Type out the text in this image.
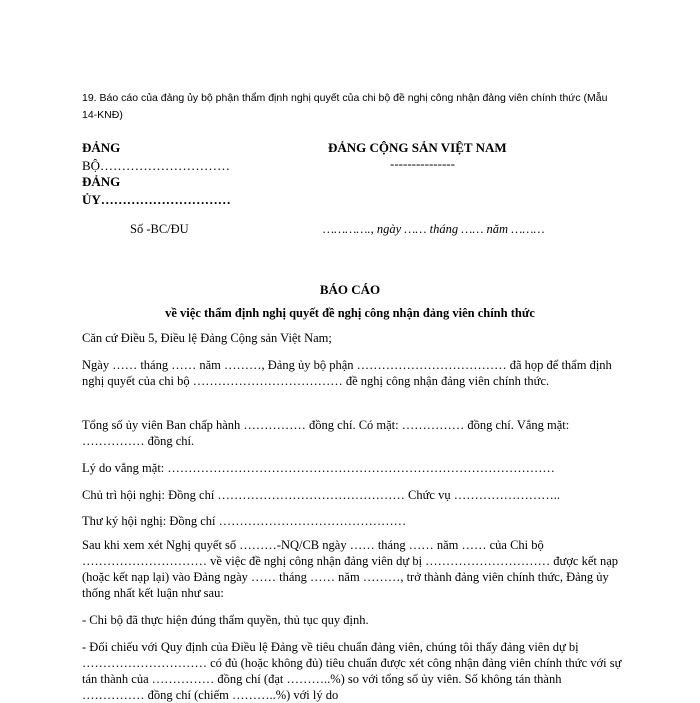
19. Báo cáo của đảng ủy bộ phận thẩm định nghị quyết của chi bộ đề nghị công nhận đảng viên chính thức (Mẫu 14-KNĐ)
ĐẢNG
BỘ…………………………
ĐẢNG
ỦY…………………………
ĐẢNG CỘNG SẢN VIỆT NAM
---------------
Số -BC/ĐU	…………., ngày …… tháng …… năm ………
BÁO CÁO
về việc thẩm định nghị quyết đề nghị công nhận đảng viên chính thức

Căn cứ Điều 5, Điều lệ Đảng Cộng sản Việt Nam;

Ngày …… tháng …… năm ………, Đảng ủy bộ phận ……………………………… đã họp để thẩm định nghị quyết của chi bộ ……………………………… đề nghị công nhận đảng viên chính thức.

Tổng số ủy viên Ban chấp hành …………… đồng chí. Có mặt: …………… đồng chí. Vắng mặt: …………… đồng chí.

Lý do vắng mặt: …………………………………………………………………………………

Chủ trì hội nghị: Đồng chí ……………………………………… Chức vụ ……………………..

Thư ký hội nghị: Đồng chí ………………………………………

Sau khi xem xét Nghị quyết số ………-NQ/CB ngày …… tháng …… năm …… của Chi bộ ………………………… về việc đề nghị công nhận đảng viên dự bị ………………………… được kết nạp (hoặc kết nạp lại) vào Đảng ngày …… tháng …… năm ………, trở thành đảng viên chính thức, Đảng ủy thống nhất kết luận như sau:

- Chi bộ đã thực hiện đúng thẩm quyền, thủ tục quy định.

- Đối chiếu với Quy định của Điều lệ Đảng về tiêu chuẩn đảng viên, chúng tôi thấy đảng viên dự bị ………………………… có đủ (hoặc không đủ) tiêu chuẩn được xét công nhận đảng viên chính thức với sự tán thành của …………… đồng chí (đạt ………..%) so với tổng số ủy viên. Số không tán thành …………… đồng chí (chiếm ………..%) với lý do
